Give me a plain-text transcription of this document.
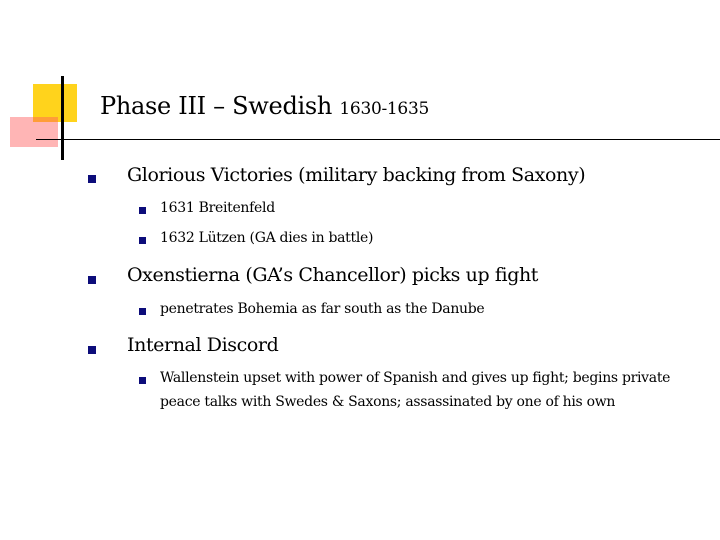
Phase III – Swedish 1630-1635

Glorious Victories (military backing from Saxony)

1631 Breitenfeld

1632 Lützen (GA dies in battle)

Oxenstierna (GA’s Chancellor) picks up fight

penetrates Bohemia as far south as the Danube

Internal Discord

Wallenstein upset with power of Spanish and gives up fight; begins private peace talks with Swedes & Saxons; assassinated by one of his own
